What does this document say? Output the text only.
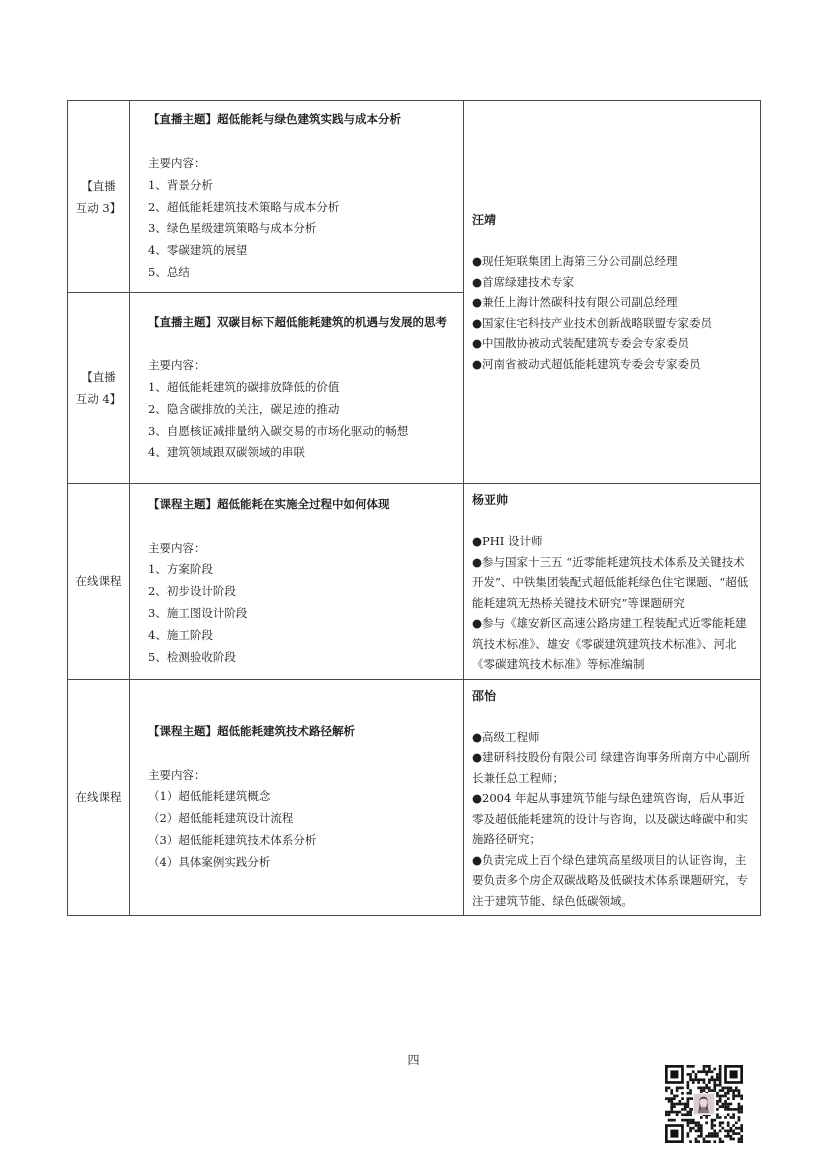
【直播
互动 3】

【直播主题】超低能耗与绿色建筑实践与成本分析
主要内容：
1、背景分析
2、超低能耗建筑技术策略与成本分析
3、绿色星级建筑策略与成本分析
4、零碳建筑的展望
5、总结

汪靖
●现任矩联集团上海第三分公司副总经理
●首席绿建技术专家
●兼任上海计然碳科技有限公司副总经理
●国家住宅科技产业技术创新战略联盟专家委员
●中国散协被动式装配建筑专委会专家委员
●河南省被动式超低能耗建筑专委会专家委员

【直播
互动 4】

【直播主题】双碳目标下超低能耗建筑的机遇与发展的思考
主要内容：
1、超低能耗建筑的碳排放降低的价值
2、隐含碳排放的关注，碳足迹的推动
3、自愿核证减排量纳入碳交易的市场化驱动的畅想
4、建筑领域跟双碳领域的串联

在线课程

【课程主题】超低能耗在实施全过程中如何体现
主要内容：
1、方案阶段
2、初步设计阶段
3、施工图设计阶段
4、施工阶段
5、检测验收阶段

杨亚帅
●PHI 设计师
●参与国家十三五 “近零能耗建筑技术体系及关键技术开发”、中铁集团装配式超低能耗绿色住宅课题、“超低能耗建筑无热桥关键技术研究”等课题研究
●参与《雄安新区高速公路房建工程装配式近零能耗建筑技术标准》、雄安《零碳建筑建筑技术标准》、河北《零碳建筑技术标准》等标准编制

在线课程

【课程主题】超低能耗建筑技术路径解析
主要内容：
（1）超低能耗建筑概念
（2）超低能耗建筑设计流程
（3）超低能耗建筑技术体系分析
（4）具体案例实践分析

邵怡
●高级工程师
●建研科技股份有限公司 绿建咨询事务所南方中心副所长兼任总工程师；
●2004 年起从事建筑节能与绿色建筑咨询，后从事近零及超低能耗建筑的设计与咨询，以及碳达峰碳中和实施路径研究；
●负责完成上百个绿色建筑高星级项目的认证咨询，主要负责多个房企双碳战略及低碳技术体系课题研究，专注于建筑节能、绿色低碳领域。
四
